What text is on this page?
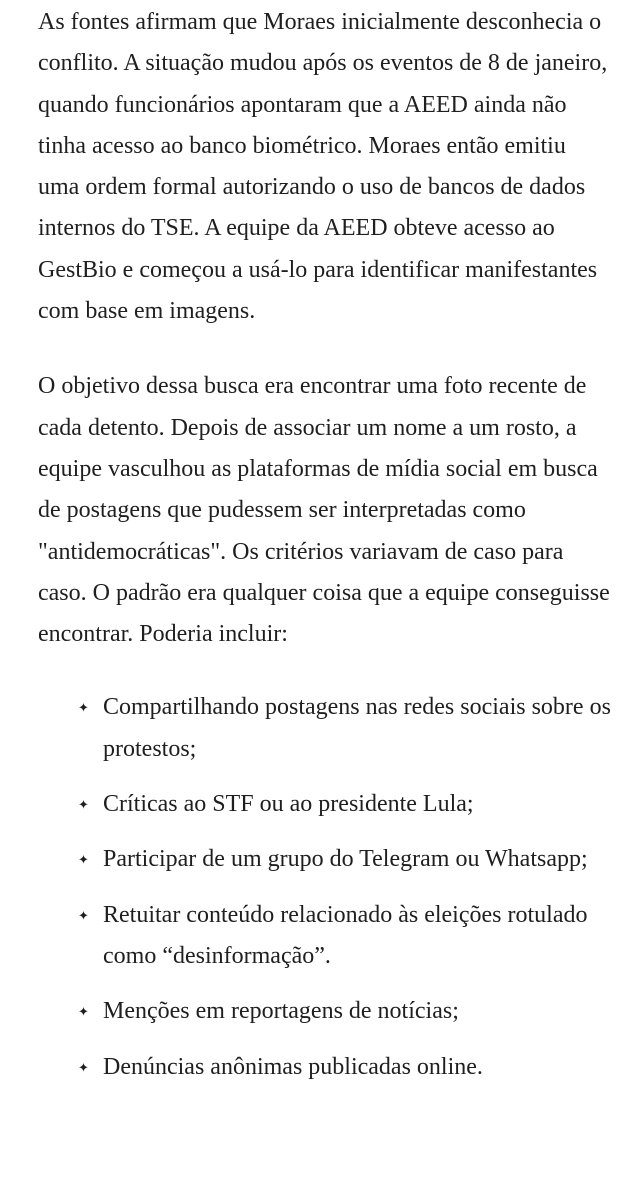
As fontes afirmam que Moraes inicialmente desconhecia o conflito. A situação mudou após os eventos de 8 de janeiro, quando funcionários apontaram que a AEED ainda não tinha acesso ao banco biométrico. Moraes então emitiu uma ordem formal autorizando o uso de bancos de dados internos do TSE. A equipe da AEED obteve acesso ao GestBio e começou a usá-lo para identificar manifestantes com base em imagens.

O objetivo dessa busca era encontrar uma foto recente de cada detento. Depois de associar um nome a um rosto, a equipe vasculhou as plataformas de mídia social em busca de postagens que pudessem ser interpretadas como "antidemocráticas". Os critérios variavam de caso para caso. O padrão era qualquer coisa que a equipe conseguisse encontrar. Poderia incluir:

✦ Compartilhando postagens nas redes sociais sobre os protestos;
✦ Críticas ao STF ou ao presidente Lula;
✦ Participar de um grupo do Telegram ou Whatsapp;
✦ Retuitar conteúdo relacionado às eleições rotulado como “desinformação”.
✦ Menções em reportagens de notícias;
✦ Denúncias anônimas publicadas online.
